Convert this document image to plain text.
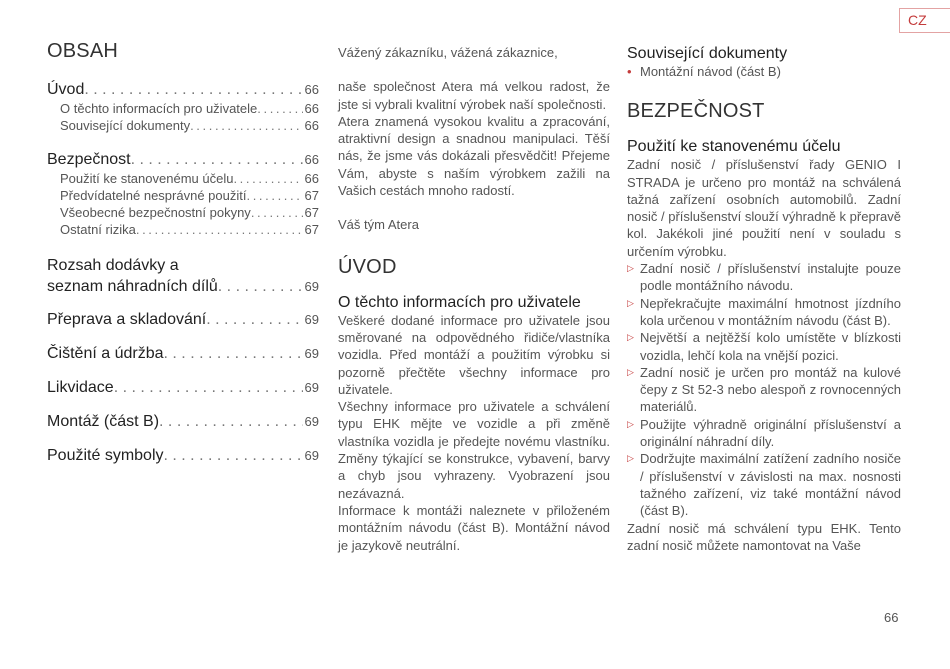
CZ
OBSAH
Úvod . . .	66
O těchto informacích pro uživatele . . .	66
Související dokumenty . . .	66
Bezpečnost . . .	66
Použití ke stanovenému účelu . . .	66
Předvídatelné nesprávné použití . . .	67
Všeobecné bezpečnostní pokyny . . .	67
Ostatní rizika . . .	67
Rozsah dodávky a
seznam náhradních dílů . . .	69
Přeprava a skladování . . .	69
Čištění a údržba . . .	69
Likvidace . . .	69
Montáž (část B) . . .	69
Použité symboly . . .	69

Vážený zákazníku, vážená zákaznice,

naše společnost Atera má velkou radost, že jste si vybrali kvalitní výrobek naší společnosti.

Atera znamená vysokou kvalitu a zpracování, atraktivní design a snadnou manipulaci. Těší nás, že jsme vás dokázali přesvědčit! Přejeme Vám, abyste s naším výrobkem zažili na Vašich cestách mnoho radostí.

Váš tým Atera

ÚVOD
O těchto informacích pro uživatele

Veškeré dodané informace pro uživatele jsou směrované na odpovědného řidiče/vlastníka vozidla. Před montáží a použitím výrobku si pozorně přečtěte všechny informace pro uživatele.

Všechny informace pro uživatele a schválení typu EHK mějte ve vozidle a při změně vlastníka vozidla je předejte novému vlastníku. Změny týkající se konstrukce, vybavení, barvy a chyb jsou vyhrazeny. Vyobrazení jsou nezávazná.

Informace k montáži naleznete v přiloženém montážním návodu (část B). Montážní návod je jazykově neutrální.

Související dokumenty
• Montážní návod (část B)
BEZPEČNOST
Použití ke stanovenému účelu

Zadní nosič / příslušenství řady GENIO I STRADA je určeno pro montáž na schválená tažná zařízení osobních automobilů. Zadní nosič / příslušenství slouží výhradně k přepravě kol. Jakékoli jiné použití není v souladu s určením výrobku.

▷ Zadní nosič / příslušenství instalujte pouze podle montážního návodu.
▷ Nepřekračujte maximální hmotnost jízdního kola určenou v montážním návodu (část B).
▷ Největší a nejtěžší kolo umístěte v blízkosti vozidla, lehčí kola na vnější pozici.
▷ Zadní nosič je určen pro montáž na kulové čepy z St 52-3 nebo alespoň z rovnocenných materiálů.
▷ Použijte výhradně originální příslušenství a originální náhradní díly.
▷ Dodržujte maximální zatížení zadního nosiče / příslušenství v závislosti na max. nosnosti tažného zařízení, viz také montážní návod (část B).

Zadní nosič má schválení typu EHK. Tento zadní nosič můžete namontovat na Vaše

66
